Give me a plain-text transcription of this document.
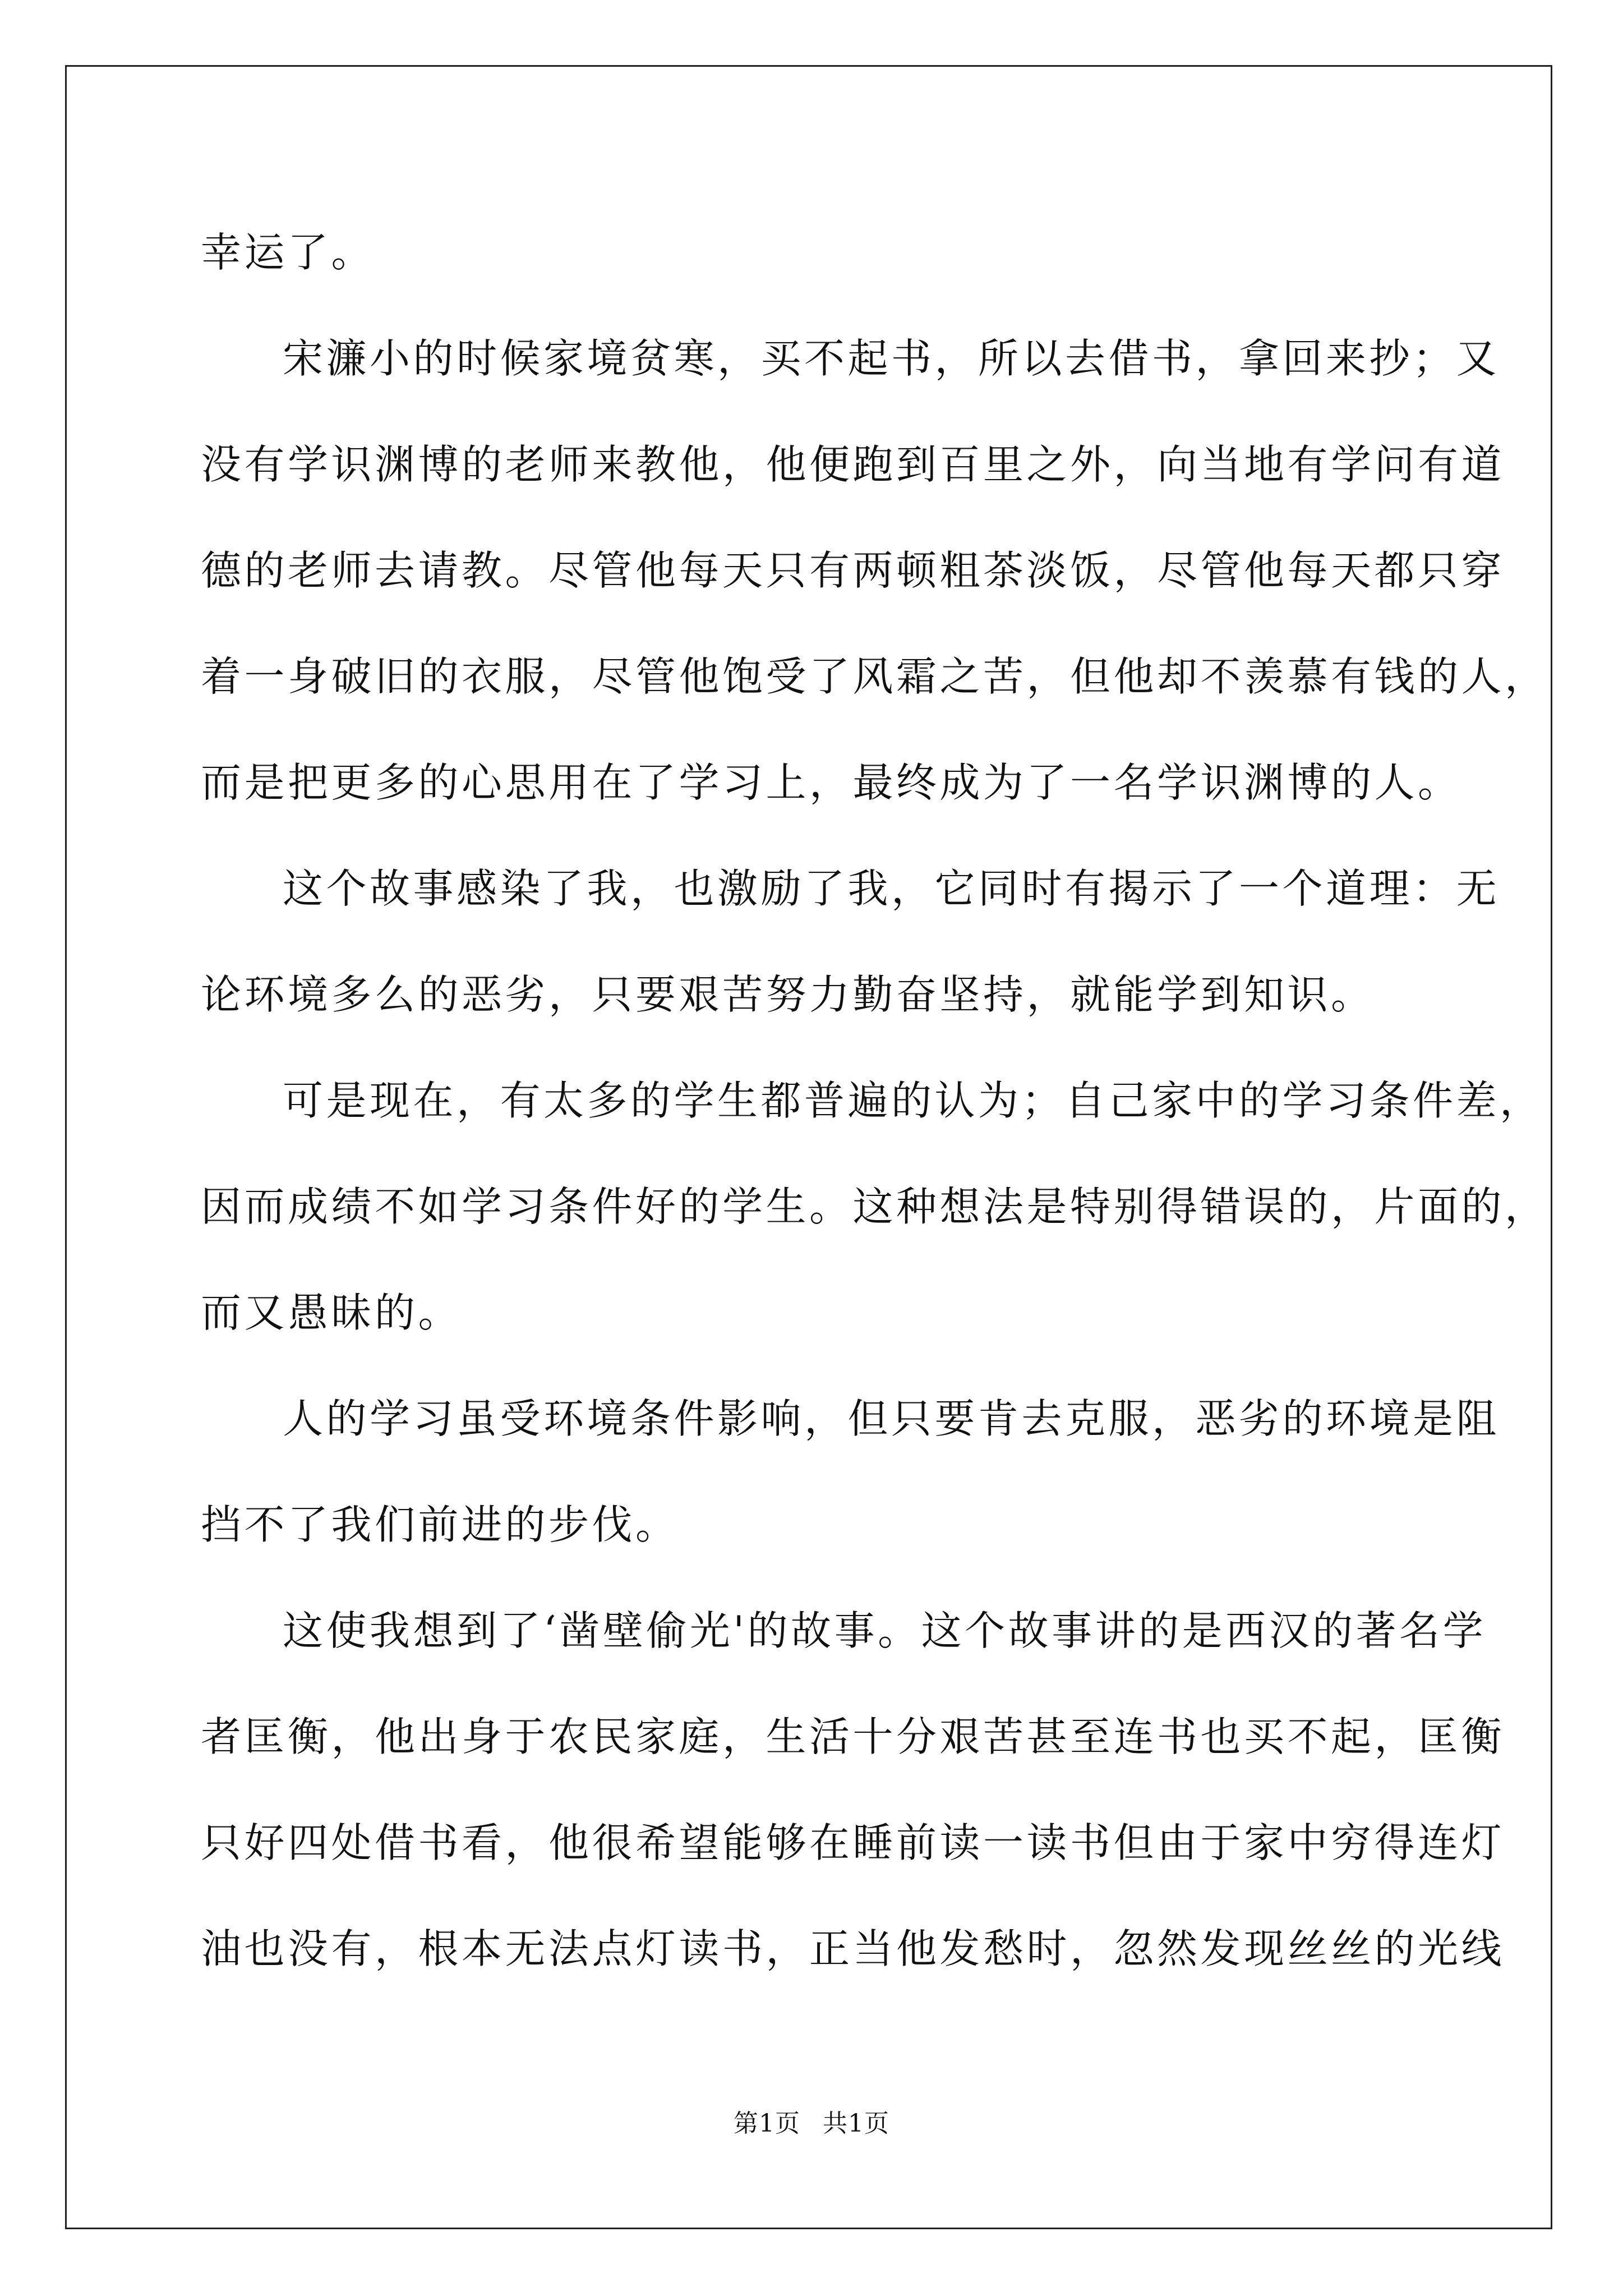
幸运了。
宋濂小的时候家境贫寒，买不起书，所以去借书，拿回来抄；又
没有学识渊博的老师来教他，他便跑到百里之外，向当地有学问有道
德的老师去请教。尽管他每天只有两顿粗茶淡饭，尽管他每天都只穿
着一身破旧的衣服，尽管他饱受了风霜之苦，但他却不羡慕有钱的人，
而是把更多的心思用在了学习上，最终成为了一名学识渊博的人。
这个故事感染了我，也激励了我，它同时有揭示了一个道理：无
论环境多么的恶劣，只要艰苦努力勤奋坚持，就能学到知识。
可是现在，有太多的学生都普遍的认为；自己家中的学习条件差，
因而成绩不如学习条件好的学生。这种想法是特别得错误的，片面的，
而又愚昧的。
人的学习虽受环境条件影响，但只要肯去克服，恶劣的环境是阻
挡不了我们前进的步伐。
这使我想到了‘凿壁偷光'的故事。这个故事讲的是西汉的著名学
者匡衡，他出身于农民家庭，生活十分艰苦甚至连书也买不起，匡衡
只好四处借书看，他很希望能够在睡前读一读书但由于家中穷得连灯
油也没有，根本无法点灯读书，正当他发愁时，忽然发现丝丝的光线
第1页 共1页
